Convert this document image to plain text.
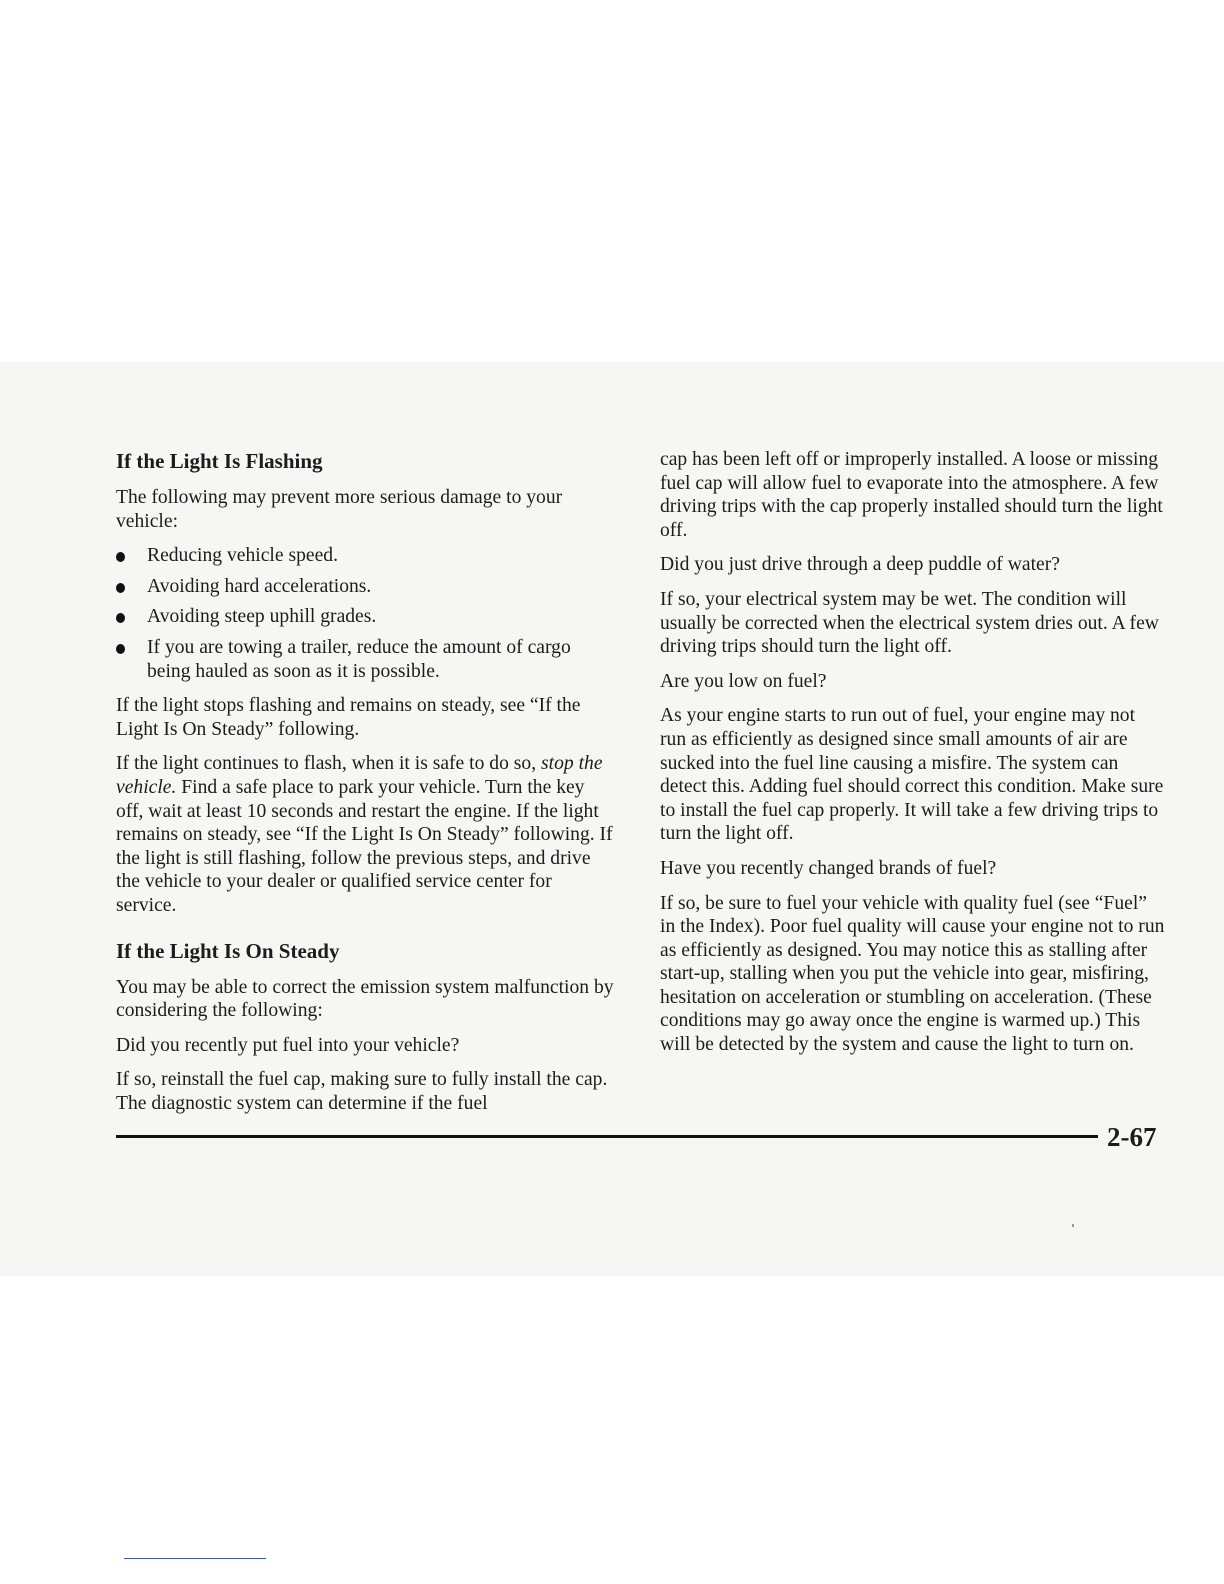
If the Light Is Flashing

The following may prevent more serious damage to your vehicle:

Reducing vehicle speed.
Avoiding hard accelerations.
Avoiding steep uphill grades.
If you are towing a trailer, reduce the amount of cargo being hauled as soon as it is possible.

If the light stops flashing and remains on steady, see “If the Light Is On Steady” following.

If the light continues to flash, when it is safe to do so, stop the vehicle. Find a safe place to park your vehicle. Turn the key off, wait at least 10 seconds and restart the engine. If the light remains on steady, see “If the Light Is On Steady” following. If the light is still flashing, follow the previous steps, and drive the vehicle to your dealer or qualified service center for service.

If the Light Is On Steady

You may be able to correct the emission system malfunction by considering the following:

Did you recently put fuel into your vehicle?

If so, reinstall the fuel cap, making sure to fully install the cap. The diagnostic system can determine if the fuel

cap has been left off or improperly installed. A loose or missing fuel cap will allow fuel to evaporate into the atmosphere. A few driving trips with the cap properly installed should turn the light off.

Did you just drive through a deep puddle of water?

If so, your electrical system may be wet. The condition will usually be corrected when the electrical system dries out. A few driving trips should turn the light off.

Are you low on fuel?

As your engine starts to run out of fuel, your engine may not run as efficiently as designed since small amounts of air are sucked into the fuel line causing a misfire. The system can detect this. Adding fuel should correct this condition. Make sure to install the fuel cap properly. It will take a few driving trips to turn the light off.

Have you recently changed brands of fuel?

If so, be sure to fuel your vehicle with quality fuel (see “Fuel” in the Index). Poor fuel quality will cause your engine not to run as efficiently as designed. You may notice this as stalling after start-up, stalling when you put the vehicle into gear, misfiring, hesitation on acceleration or stumbling on acceleration. (These conditions may go away once the engine is warmed up.) This will be detected by the system and cause the light to turn on.

2-67
